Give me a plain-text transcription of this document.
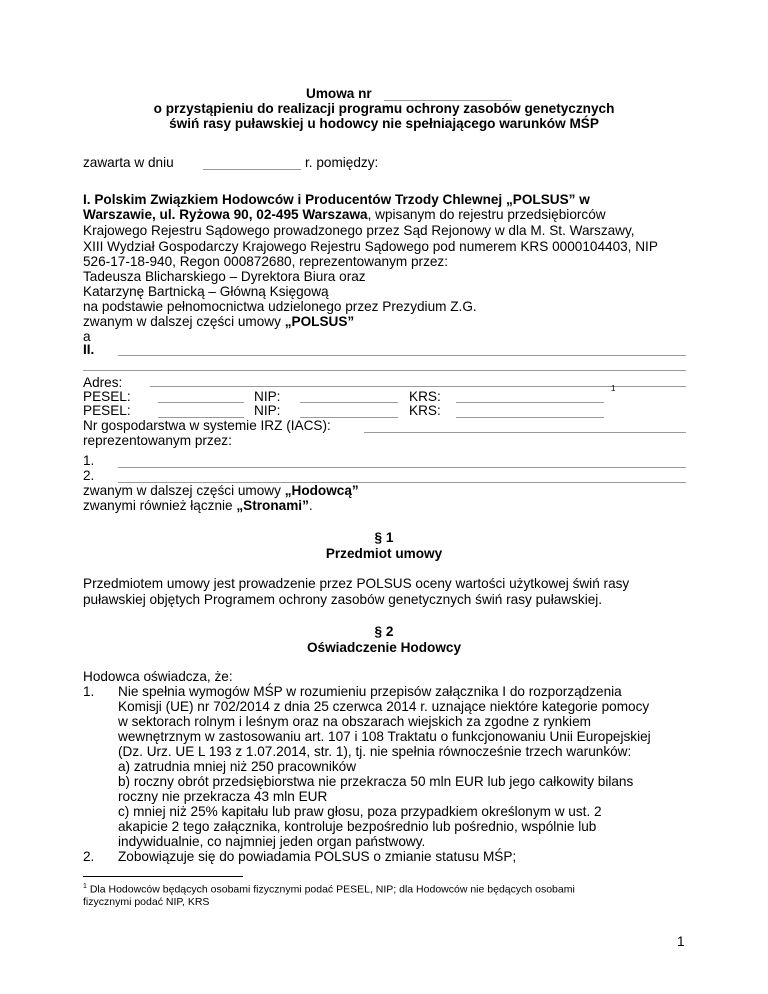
Umowa nr
o przystąpieniu do realizacji programu ochrony zasobów genetycznych
świń rasy puławskiej u hodowcy nie spełniającego warunków MŚP
zawarta w dniu	r. pomiędzy:
I. Polskim Związkiem Hodowców i Producentów Trzody Chlewnej „POLSUS” w
Warszawie, ul. Ryżowa 90, 02-495 Warszawa, wpisanym do rejestru przedsiębiorców
Krajowego Rejestru Sądowego prowadzonego przez Sąd Rejonowy w dla M. St. Warszawy,
XIII Wydział Gospodarczy Krajowego Rejestru Sądowego pod numerem KRS 0000104403, NIP
526-17-18-940, Regon 000872680, reprezentowanym przez:
Tadeusza Blicharskiego – Dyrektora Biura oraz
Katarzynę Bartnicką – Główną Księgową
na podstawie pełnomocnictwa udzielonego przez Prezydium Z.G.
zwanym w dalszej części umowy „POLSUS”
a
II.
Adres:
PESEL:	NIP:	KRS:
1
PESEL:	NIP:	KRS:
Nr gospodarstwa w systemie IRZ (IACS):
reprezentowanym przez:
1.
2.
zwanym w dalszej części umowy „Hodowcą”
zwanymi również łącznie „Stronami”.
§ 1
Przedmiot umowy
Przedmiotem umowy jest prowadzenie przez POLSUS oceny wartości użytkowej świń rasy
puławskiej objętych Programem ochrony zasobów genetycznych świń rasy puławskiej.
§ 2
Oświadczenie Hodowcy
Hodowca oświadcza, że:
1. Nie spełnia wymogów MŚP w rozumieniu przepisów załącznika I do rozporządzenia
Komisji (UE) nr 702/2014 z dnia 25 czerwca 2014 r. uznające niektóre kategorie pomocy
w sektorach rolnym i leśnym oraz na obszarach wiejskich za zgodne z rynkiem
wewnętrznym w zastosowaniu art. 107 i 108 Traktatu o funkcjonowaniu Unii Europejskiej
(Dz. Urz. UE L 193 z 1.07.2014, str. 1), tj. nie spełnia równocześnie trzech warunków:
a) zatrudnia mniej niż 250 pracowników
b) roczny obrót przedsiębiorstwa nie przekracza 50 mln EUR lub jego całkowity bilans
roczny nie przekracza 43 mln EUR
c) mniej niż 25% kapitału lub praw głosu, poza przypadkiem określonym w ust. 2
akapicie 2 tego załącznika, kontroluje bezpośrednio lub pośrednio, wspólnie lub
indywidualnie, co najmniej jeden organ państwowy.
2. Zobowiązuje się do powiadamia POLSUS o zmianie statusu MŚP;
$^1$ Dla Hodowców będących osobami fizycznymi podać PESEL, NIP; dla Hodowców nie będących osobami
fizycznymi podać NIP, KRS
1
